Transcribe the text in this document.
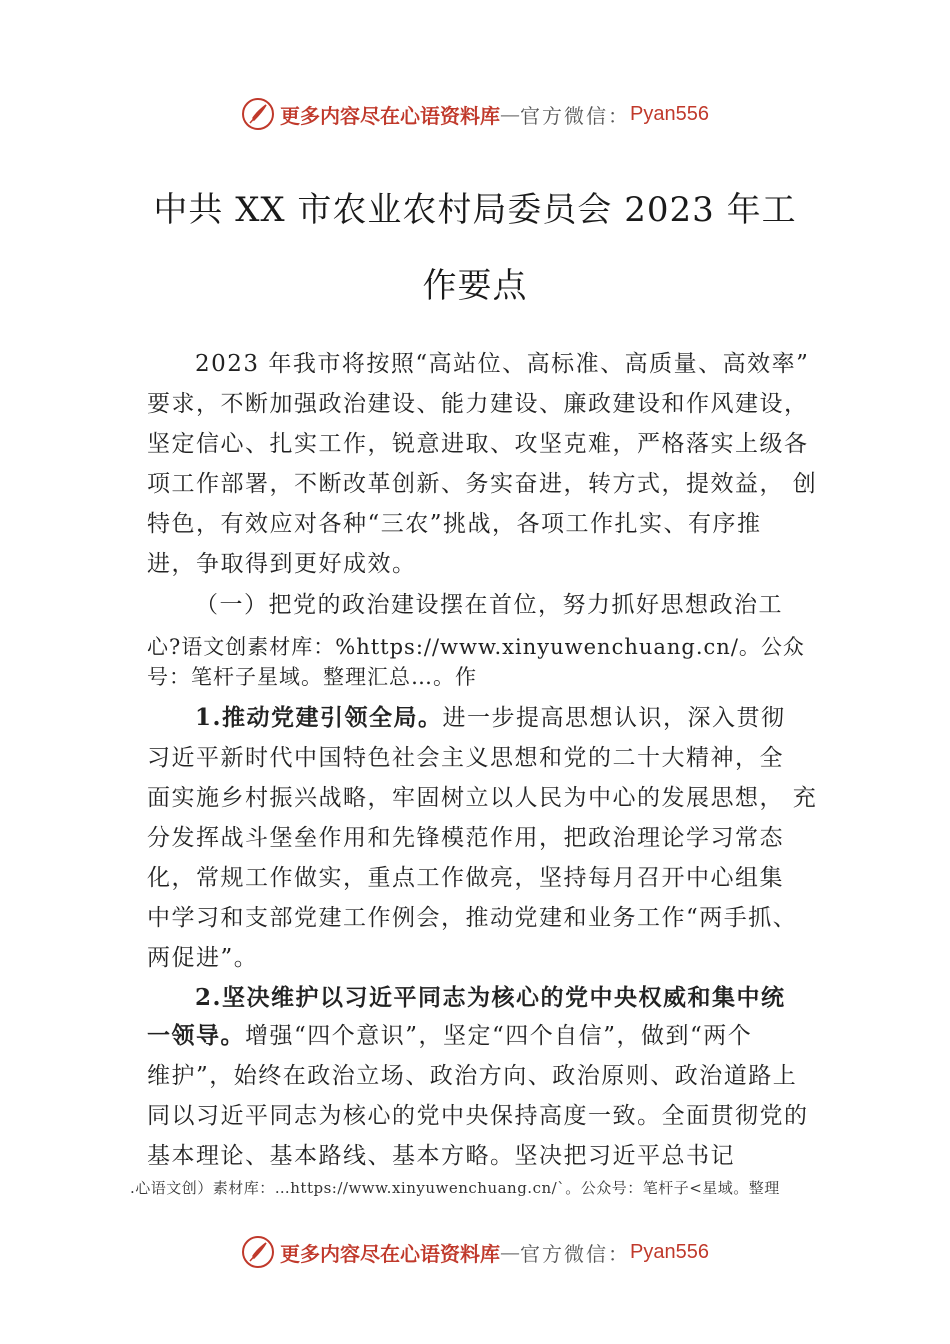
更多内容尽在心语资料库 — 官方微信： Pyan556
中共 XX 市农业农村局委员会 2023 年工
作要点
2023 年我市将按照“高站位、高标准、高质量、高效率”
要求，不断加强政治建设、能力建设、廉政建设和作风建设，
坚定信心、扎实工作，锐意进取、攻坚克难，严格落实上级各
项工作部署，不断改革创新、务实奋进，转方式，提效益， 创
特色，有效应对各种“三农”挑战，各项工作扎实、有序推
进，争取得到更好成效。
（一）把党的政治建设摆在首位，努力抓好思想政治工
心?语文创素材库：%https://www.xinyuwenchuang.cn/。公众
号：笔杆子星域。整理汇总…。作
1.推动党建引领全局。进一步提高思想认识，深入贯彻
习近平新时代中国特色社会主义思想和党的二十大精神，全
面实施乡村振兴战略，牢固树立以人民为中心的发展思想， 充
分发挥战斗堡垒作用和先锋模范作用，把政治理论学习常态
化，常规工作做实，重点工作做亮，坚持每月召开中心组集
中学习和支部党建工作例会，推动党建和业务工作“两手抓、
两促进”。
2.坚决维护以习近平同志为核心的党中央权威和集中统
一领导。增强“四个意识”，坚定“四个自信”，做到“两个
维护”，始终在政治立场、政治方向、政治原则、政治道路上
同以习近平同志为核心的党中央保持高度一致。全面贯彻党的
基本理论、基本路线、基本方略。坚决把习近平总书记
.心语文创）素材库：…https://www.xinyuwenchuang.cn/`。公众号：笔杆子<星域。整理
更多内容尽在心语资料库 — 官方微信： Pyan556
